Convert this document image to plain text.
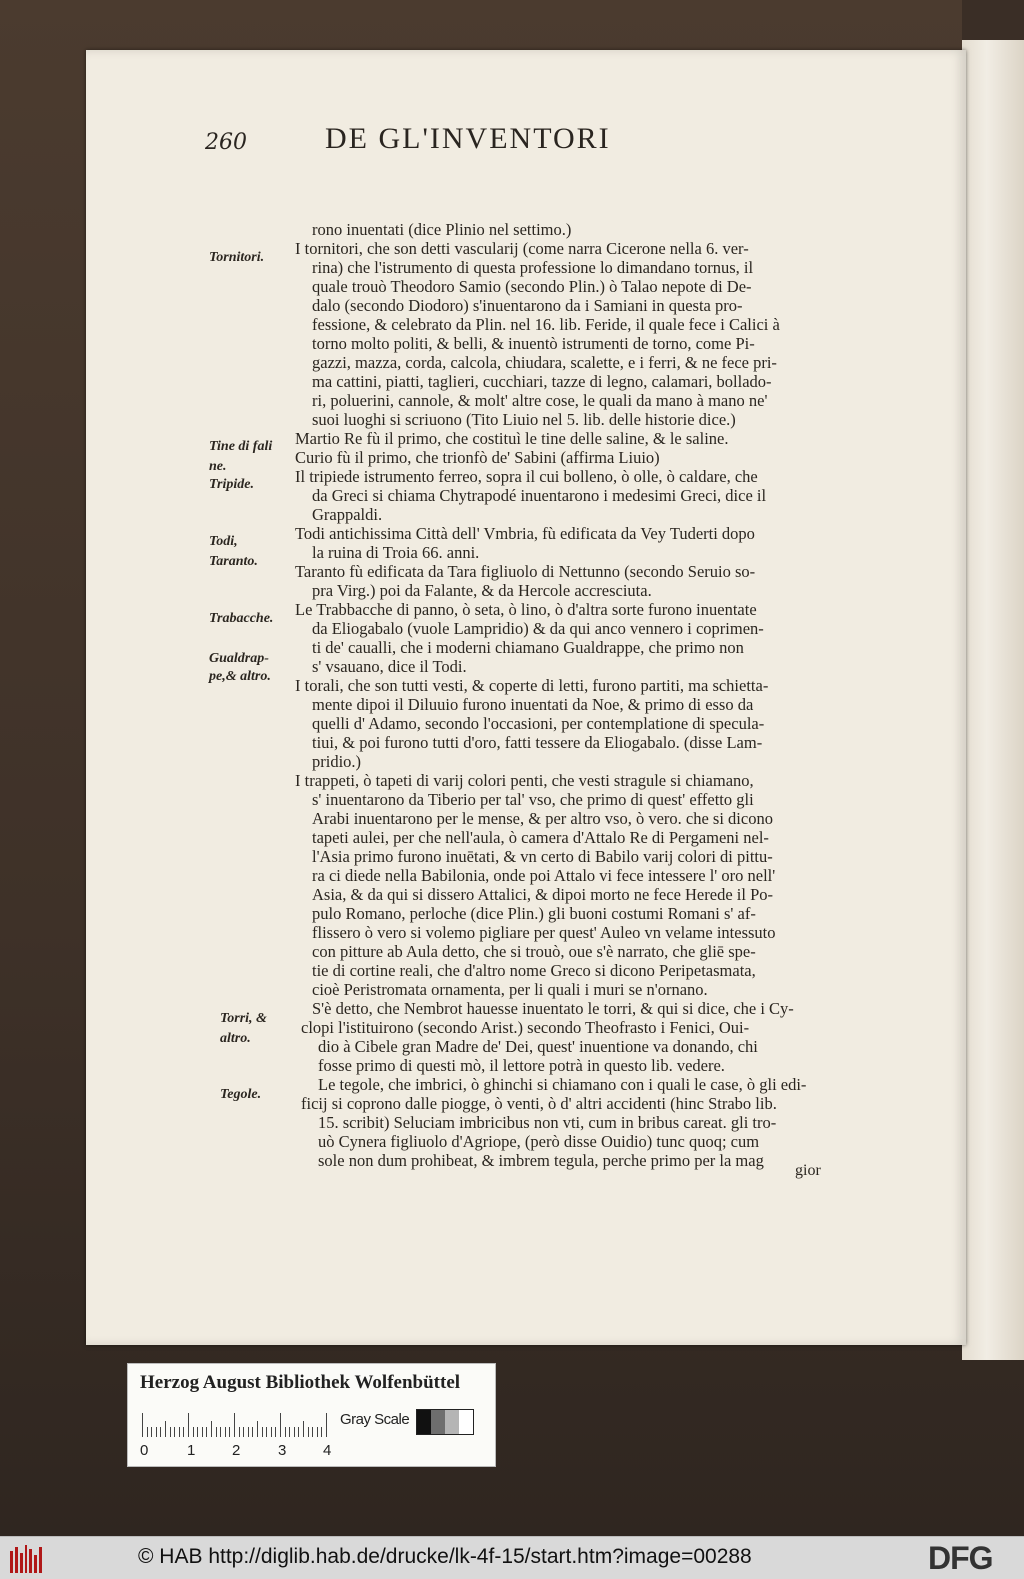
260	DE GL'INVENTORI
Tornitori.
Tine di fali
ne.
Tripide.
Todi,
Taranto.
Trabacche.
Gualdrap-
pe,& altro.
Torri, &
altro.
Tegole.
rono inuentati (dice Plinio nel settimo.)
I tornitori, che son detti vascularij (come narra Cicerone nella 6. ver-
rina) che l'istrumento di questa professione lo dimandano tornus, il
quale trouò Theodoro Samio (secondo Plin.) ò Talao nepote di De-
dalo (secondo Diodoro) s'inuentarono da i Samiani in questa pro-
fessione, & celebrato da Plin. nel 16. lib. Feride, il quale fece i Calici à
torno molto politi, & belli, & inuentò istrumenti de torno, come Pi-
gazzi, mazza, corda, calcola, chiudara, scalette, e i ferri, & ne fece pri-
ma cattini, piatti, taglieri, cucchiari, tazze di legno, calamari, bollado-
ri, poluerini, cannole, & molt' altre cose, le quali da mano à mano ne'
suoi luoghi si scriuono (Tito Liuio nel 5. lib. delle historie dice.)
Martio Re fù il primo, che costituì le tine delle saline, & le saline.
Curio fù il primo, che trionfò de' Sabini (affirma Liuio)
Il tripiede istrumento ferreo, sopra il cui bolleno, ò olle, ò caldare, che
da Greci si chiama Chytrapodé inuentarono i medesimi Greci, dice il
Grappaldi.
Todi antichissima Città dell' Vmbria, fù edificata da Vey Tuderti dopo
la ruina di Troia 66. anni.
Taranto fù edificata da Tara figliuolo di Nettunno (secondo Seruio so-
pra Virg.) poi da Falante, & da Hercole accresciuta.
Le Trabbacche di panno, ò seta, ò lino, ò d'altra sorte furono inuentate
da Eliogabalo (vuole Lampridio) & da qui anco vennero i coprimen-
ti de' caualli, che i moderni chiamano Gualdrappe, che primo non
s' vsauano, dice il Todi.
I torali, che son tutti vesti, & coperte di letti, furono partiti, ma schietta-
mente dipoi il Diluuio furono inuentati da Noe, & primo di esso da
quelli d' Adamo, secondo l'occasioni, per contemplatione di specula-
tiui, & poi furono tutti d'oro, fatti tessere da Eliogabalo. (disse Lam-
pridio.)
I trappeti, ò tapeti di varij colori penti, che vesti stragule si chiamano,
s' inuentarono da Tiberio per tal' vso, che primo di quest' effetto gli
Arabi inuentarono per le mense, & per altro vso, ò vero. che si dicono
tapeti aulei, per che nell'aula, ò camera d'Attalo Re di Pergameni nel-
l'Asia primo furono inuētati, & vn certo di Babilo varij colori di pittu-
ra ci diede nella Babilonia, onde poi Attalo vi fece intessere l' oro nell'
Asia, & da qui si dissero Attalici, & dipoi morto ne fece Herede il Po-
pulo Romano, perloche (dice Plin.) gli buoni costumi Romani s' af-
flissero ò vero si volemo pigliare per quest' Auleo vn velame intessuto
con pitture ab Aula detto, che si trouò, oue s'è narrato, che gliē spe-
tie di cortine reali, che d'altro nome Greco si dicono Peripetasmata,
cioè Peristromata ornamenta, per li quali i muri se n'ornano.
S'è detto, che Nembrot hauesse inuentato le torri, & qui si dice, che i Cy-
clopi l'istituirono (secondo Arist.) secondo Theofrasto i Fenici, Oui-
dio à Cibele gran Madre de' Dei, quest' inuentione va donando, chi
fosse primo di questi mò, il lettore potrà in questo lib. vedere.
Le tegole, che imbrici, ò ghinchi si chiamano con i quali le case, ò gli edi-
ficij si coprono dalle piogge, ò venti, ò d' altri accidenti (hinc Strabo lib.
15. scribit) Seluciam imbricibus non vti, cum in bribus careat. gli tro-
uò Cynera figliuolo d'Agriope, (però disse Ouidio) tunc quoq; cum
sole non dum prohibeat, & imbrem tegula, perche primo per la mag
gior
Herzog August Bibliothek Wolfenbüttel
0	1 2	3 4
Gray Scale
© HAB http://diglib.hab.de/drucke/lk-4f-15/start.htm?image=00288	DFG
